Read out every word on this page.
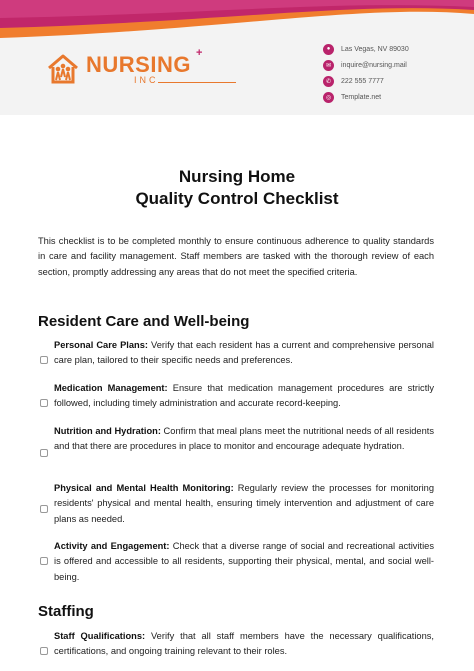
NURSING +
INC
●	Las Vegas, NV 89030
✉	inquire@nursing.mail
✆	222 555 7777
◎	Template.net
Nursing Home
Quality Control Checklist
This checklist is to be completed monthly to ensure continuous adherence to quality standards in care and facility management. Staff members are tasked with the thorough review of each section, promptly addressing any areas that do not meet the specified criteria.
Resident Care and Well-being
Personal Care Plans: Verify that each resident has a current and comprehensive personal care plan, tailored to their specific needs and preferences.
Medication Management: Ensure that medication management procedures are strictly followed, including timely administration and accurate record-keeping.
Nutrition and Hydration: Confirm that meal plans meet the nutritional needs of all residents and that there are procedures in place to monitor and encourage adequate hydration.
Physical and Mental Health Monitoring: Regularly review the processes for monitoring residents' physical and mental health, ensuring timely intervention and adjustment of care plans as needed.
Activity and Engagement: Check that a diverse range of social and recreational activities is offered and accessible to all residents, supporting their physical, mental, and social well-being.
Staffing
Staff Qualifications: Verify that all staff members have the necessary qualifications, certifications, and ongoing training relevant to their roles.
